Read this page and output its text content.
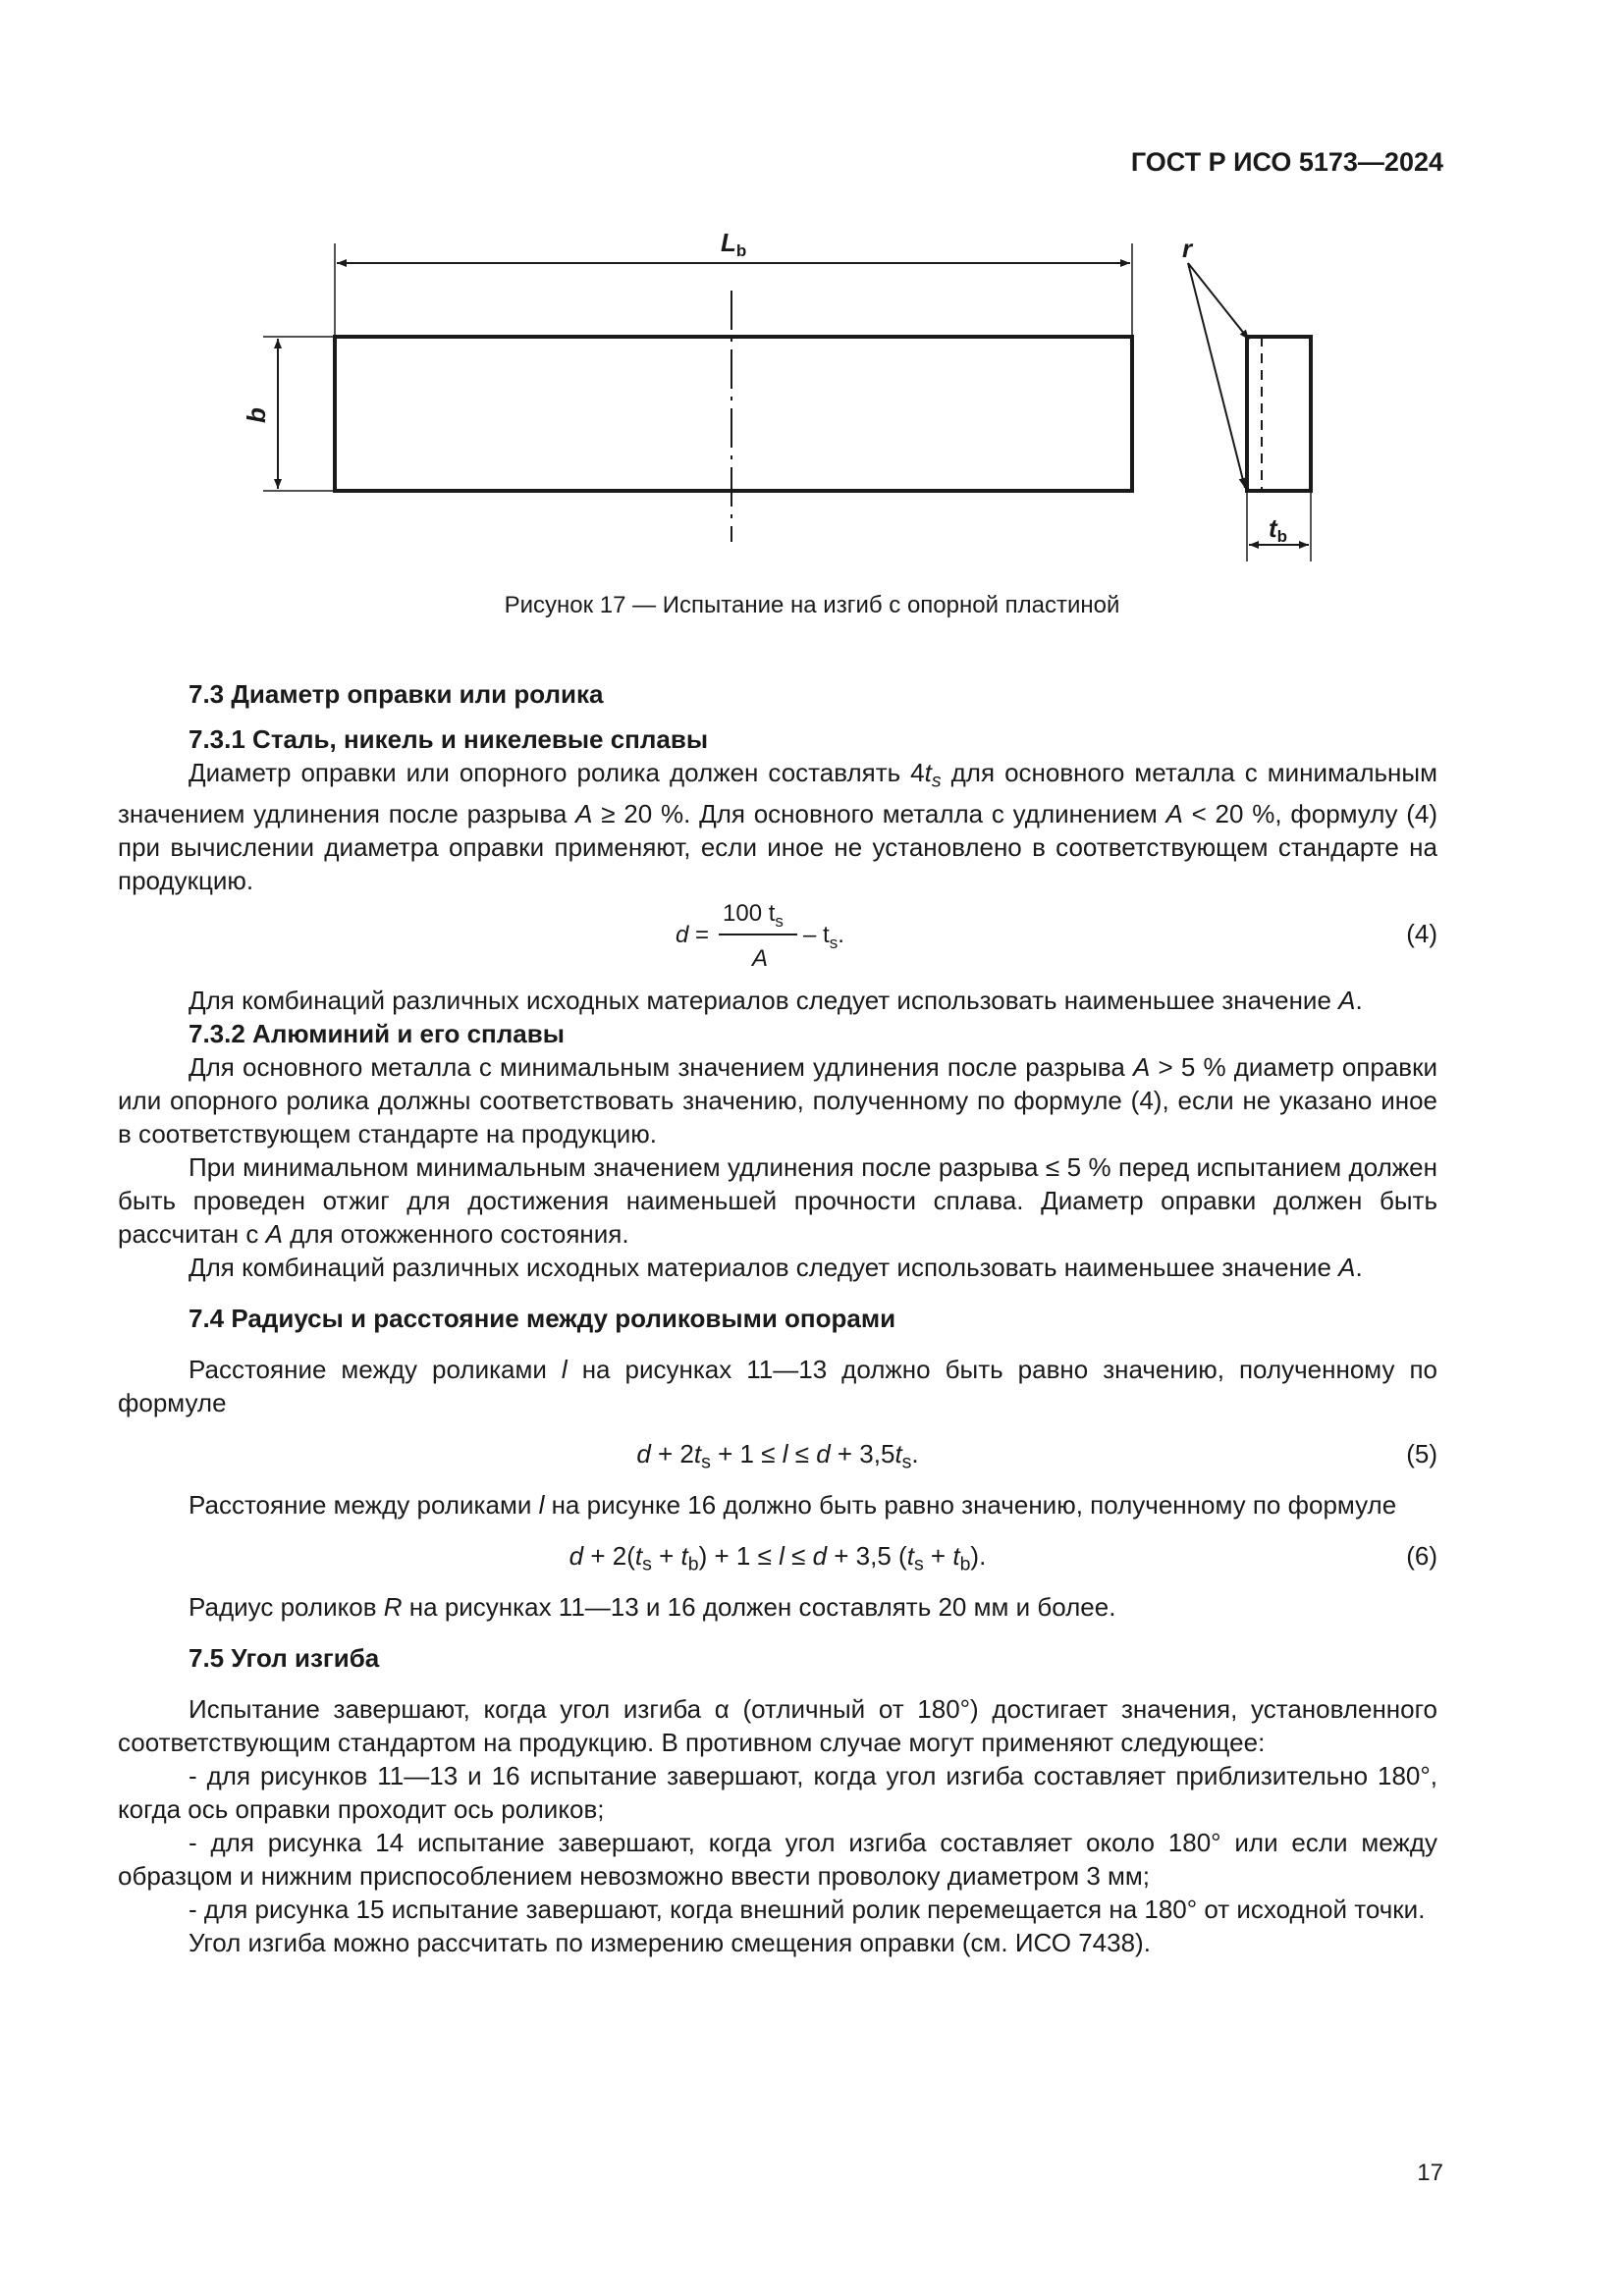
ГОСТ Р ИСО 5173—2024
Lb
b
r
tb
Рисунок 17 — Испытание на изгиб с опорной пластиной

7.3 Диаметр оправки или ролика

7.3.1 Сталь, никель и никелевые сплавы

Диаметр оправки или опорного ролика должен составлять $4t_s$ для основного металла с минимальным значением удлинения после разрыва A ≥ 20 %. Для основного металла с удлинением A < 20 %, формулу (4) при вычислении диаметра оправки применяют, если иное не установлено в соответствующем стандарте на продукцию.

d =
100 $t_s$
A
– $t_s$.	(4)

Для комбинаций различных исходных материалов следует использовать наименьшее значение A.

7.3.2 Алюминий и его сплавы

Для основного металла с минимальным значением удлинения после разрыва A > 5 % диаметр оправки или опорного ролика должны соответствовать значению, полученному по формуле (4), если не указано иное в соответствующем стандарте на продукцию.

При минимальном минимальным значением удлинения после разрыва ≤ 5 % перед испытанием должен быть проведен отжиг для достижения наименьшей прочности сплава. Диаметр оправки должен быть рассчитан с A для отожженного состояния.

Для комбинаций различных исходных материалов следует использовать наименьшее значение A.

7.4 Радиусы и расстояние между роликовыми опорами

Расстояние между роликами l на рисунках 11—13 должно быть равно значению, полученному по формуле

$d + 2t_s + 1 \le l \le d + 3,5t_s$.	(5)

Расстояние между роликами l на рисунке 16 должно быть равно значению, полученному по формуле

$d + 2(t_s + t_b) + 1 \le l \le d + 3,5$ $(t_s + t_b)$.	(6)

Радиус роликов R на рисунках 11—13 и 16 должен составлять 20 мм и более.

7.5 Угол изгиба

Испытание завершают, когда угол изгиба α (отличный от 180°) достигает значения, установленного соответствующим стандартом на продукцию. В противном случае могут применяют следующее:

- для рисунков 11—13 и 16 испытание завершают, когда угол изгиба составляет приблизительно 180°, когда ось оправки проходит ось роликов;

- для рисунка 14 испытание завершают, когда угол изгиба составляет около 180° или если между образцом и нижним приспособлением невозможно ввести проволоку диаметром 3 мм;

- для рисунка 15 испытание завершают, когда внешний ролик перемещается на 180° от исходной точки.

Угол изгиба можно рассчитать по измерению смещения оправки (см. ИСО 7438).

17
